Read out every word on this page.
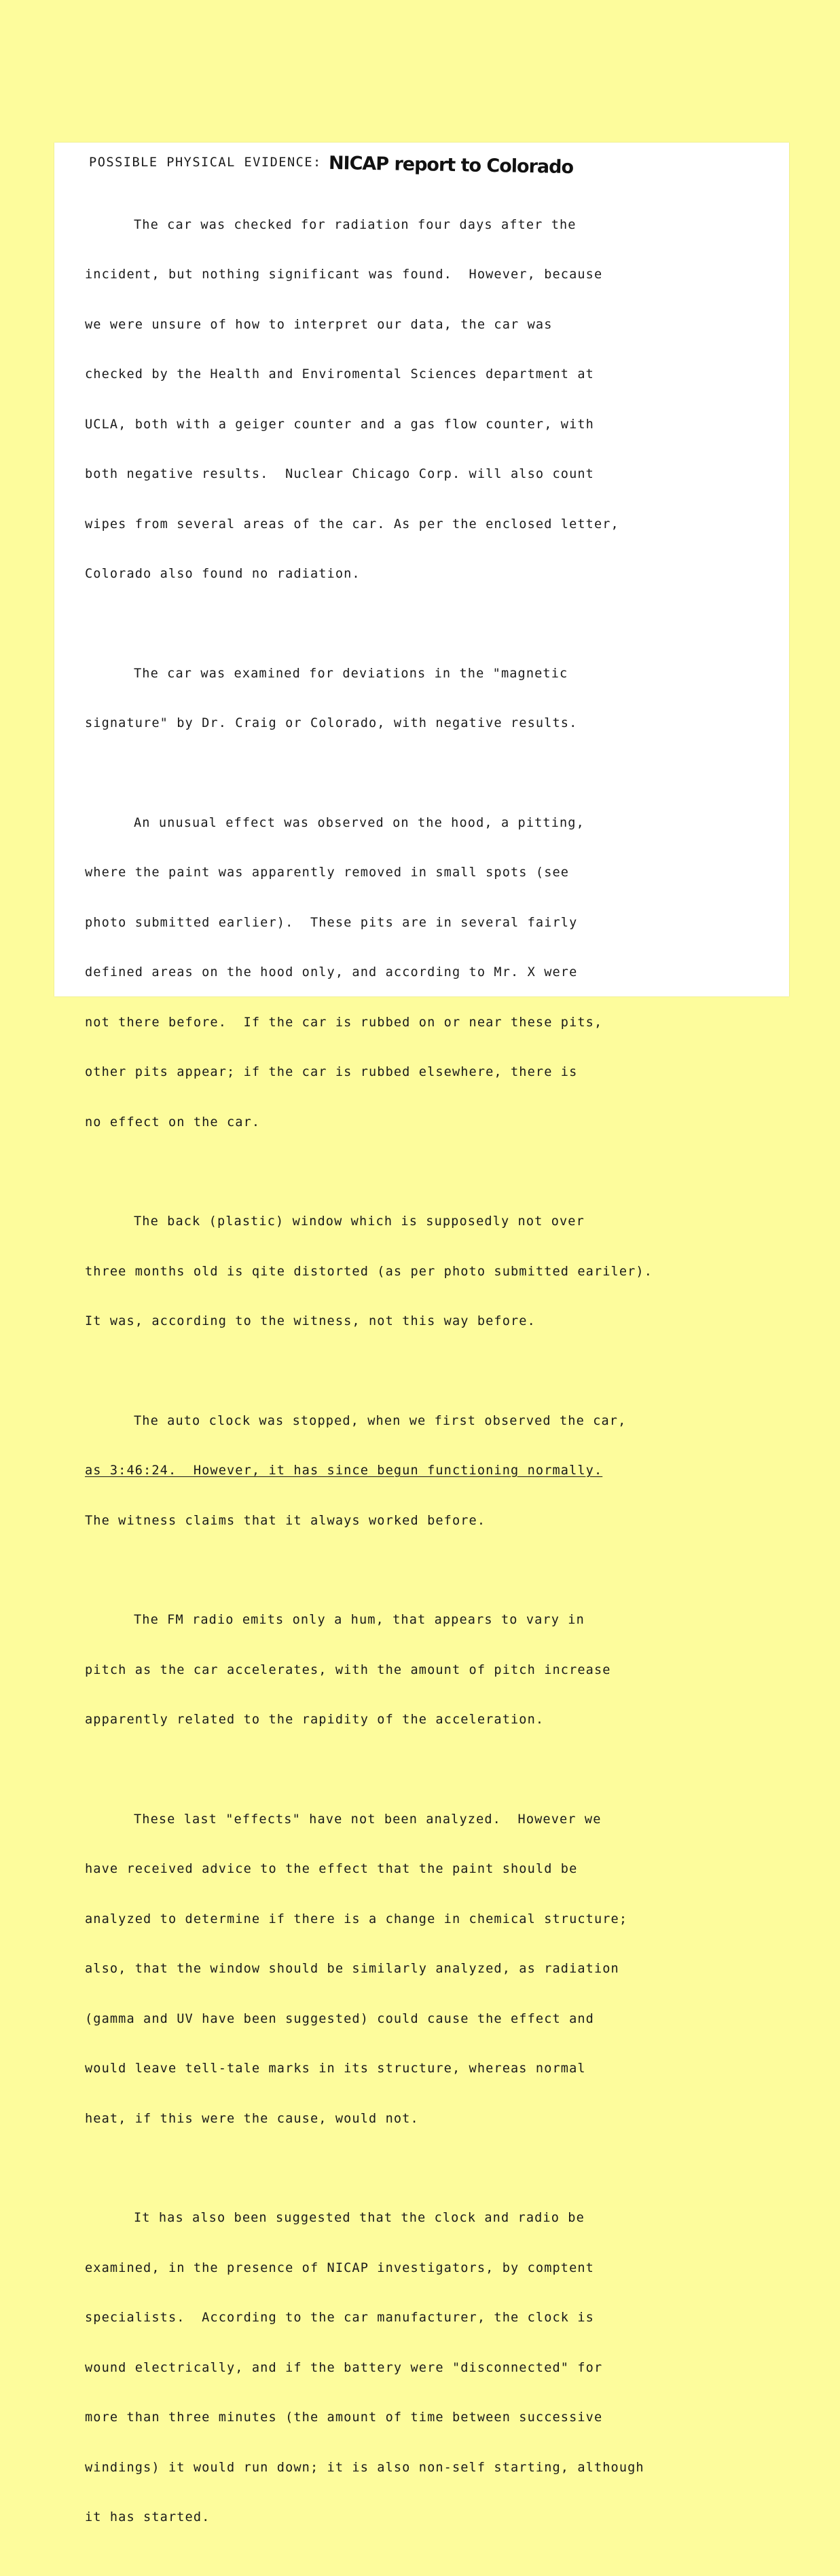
POSSIBLE PHYSICAL EVIDENCE: NICAP report to Colorado

The car was checked for radiation four days after the

incident, but nothing significant was found.  However, because

we were unsure of how to interpret our data, the car was

checked by the Health and Enviromental Sciences department at

UCLA, both with a geiger counter and a gas flow counter, with

both negative results.  Nuclear Chicago Corp. will also count

wipes from several areas of the car. As per the enclosed letter,

Colorado also found no radiation.

The car was examined for deviations in the "magnetic

signature" by Dr. Craig or Colorado, with negative results.

An unusual effect was observed on the hood, a pitting,

where the paint was apparently removed in small spots (see

photo submitted earlier).  These pits are in several fairly

defined areas on the hood only, and according to Mr. X were

not there before.  If the car is rubbed on or near these pits,

other pits appear; if the car is rubbed elsewhere, there is

no effect on the car.

The back (plastic) window which is supposedly not over

three months old is qite distorted (as per photo submitted eariler).

It was, according to the witness, not this way before.

The auto clock was stopped, when we first observed the car,

as 3:46:24.  However, it has since begun functioning normally.

The witness claims that it always worked before.

The FM radio emits only a hum, that appears to vary in

pitch as the car accelerates, with the amount of pitch increase

apparently related to the rapidity of the acceleration.

These last "effects" have not been analyzed.  However we

have received advice to the effect that the paint should be

analyzed to determine if there is a change in chemical structure;

also, that the window should be similarly analyzed, as radiation

(gamma and UV have been suggested) could cause the effect and

would leave tell-tale marks in its structure, whereas normal

heat, if this were the cause, would not.

It has also been suggested that the clock and radio be

examined, in the presence of NICAP investigators, by comptent

specialists.  According to the car manufacturer, the clock is

wound electrically, and if the battery were "disconnected" for

more than three minutes (the amount of time between successive

windings) it would run down; it is also non-self starting, although

it has started.
